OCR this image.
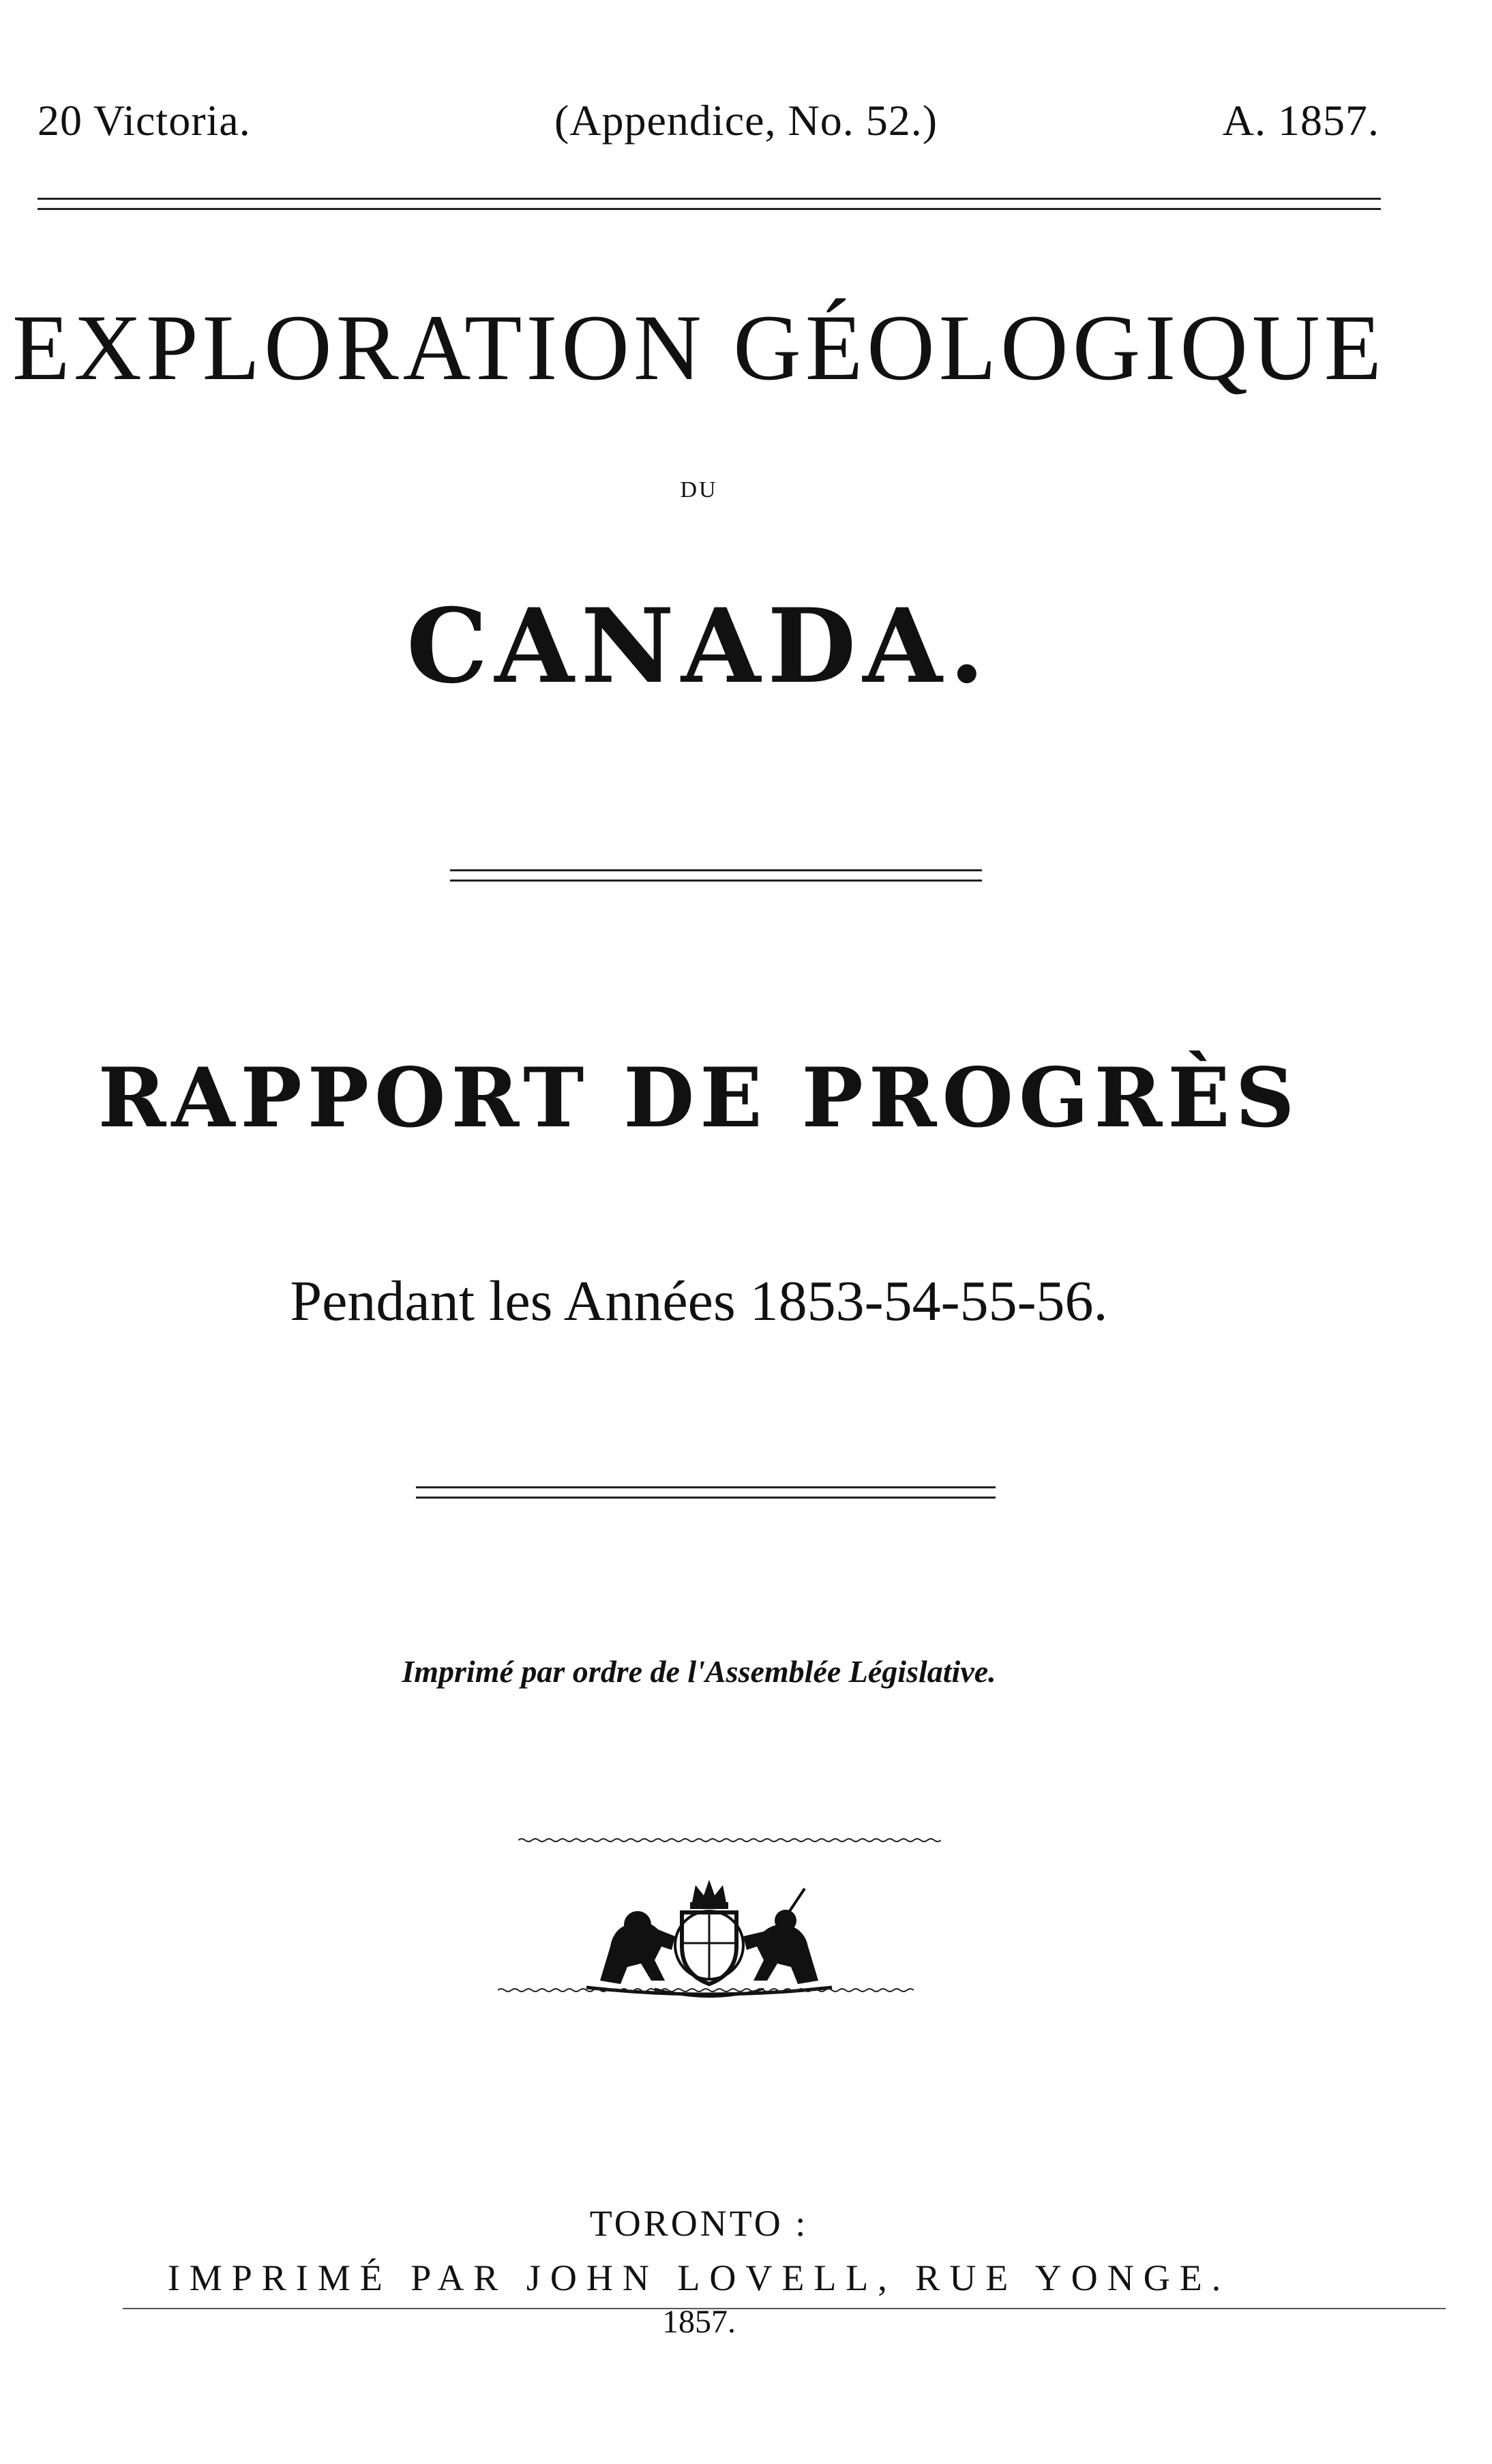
20 Victoria.	(Appendice, No. 52.)	A. 1857.
EXPLORATION GÉOLOGIQUE
DU
CANADA.
RAPPORT DE PROGRÈS
Pendant les Années 1853-54-55-56.
Imprimé par ordre de l'Assemblée Législative.
TORONTO :
IMPRIMÉ PAR JOHN LOVELL, RUE YONGE.
1857.
